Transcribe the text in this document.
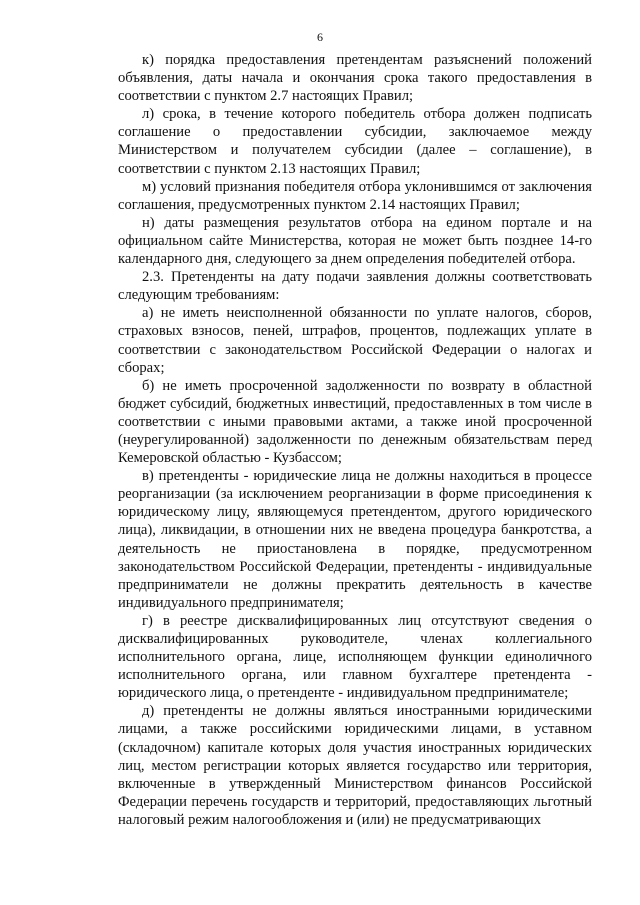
6

к) порядка предоставления претендентам разъяснений положений объявления, даты начала и окончания срока такого предоставления в соответствии с пунктом 2.7 настоящих Правил;

л) срока, в течение которого победитель отбора должен подписать соглашение о предоставлении субсидии, заключаемое между Министерством и получателем субсидии (далее – соглашение), в соответствии с пунктом 2.13 настоящих Правил;

м) условий признания победителя отбора уклонившимся от заключения соглашения, предусмотренных пунктом 2.14 настоящих Правил;

н) даты размещения результатов отбора на едином портале и на официальном сайте Министерства, которая не может быть позднее 14-го календарного дня, следующего за днем определения победителей отбора.

2.3. Претенденты на дату подачи заявления должны соответствовать следующим требованиям:

а) не иметь неисполненной обязанности по уплате налогов, сборов, страховых взносов, пеней, штрафов, процентов, подлежащих уплате в соответствии с законодательством Российской Федерации о налогах и сборах;

б) не иметь просроченной задолженности по возврату в областной бюджет субсидий, бюджетных инвестиций, предоставленных в том числе в соответствии с иными правовыми актами, а также иной просроченной (неурегулированной) задолженности по денежным обязательствам перед Кемеровской областью - Кузбассом;

в) претенденты - юридические лица не должны находиться в процессе реорганизации (за исключением реорганизации в форме присоединения к юридическому лицу, являющемуся претендентом, другого юридического лица), ликвидации, в отношении них не введена процедура банкротства, а деятельность не приостановлена в порядке, предусмотренном законодательством Российской Федерации, претенденты - индивидуальные предприниматели не должны прекратить деятельность в качестве индивидуального предпринимателя;

г) в реестре дисквалифицированных лиц отсутствуют сведения о дисквалифицированных руководителе, членах коллегиального исполнительного органа, лице, исполняющем функции единоличного исполнительного органа, или главном бухгалтере претендента - юридического лица, о претенденте - индивидуальном предпринимателе;

д) претенденты не должны являться иностранными юридическими лицами, а также российскими юридическими лицами, в уставном (складочном) капитале которых доля участия иностранных юридических лиц, местом регистрации которых является государство или территория, включенные в утвержденный Министерством финансов Российской Федерации перечень государств и территорий, предоставляющих льготный налоговый режим налогообложения и (или) не предусматривающих
